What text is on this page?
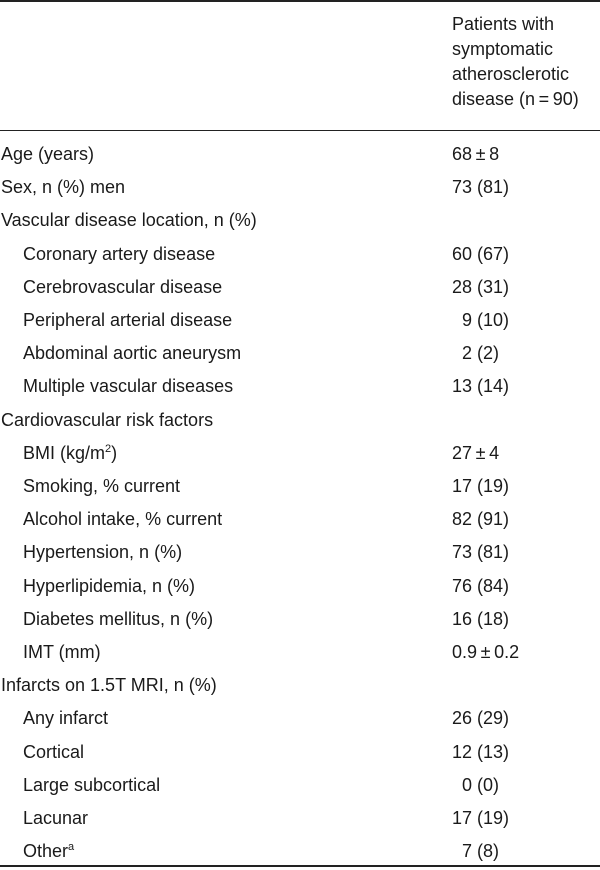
Patients with
symptomatic
atherosclerotic
disease (n = 90)
Age (years)	68 ± 8
Sex, n (%) men	73 (81)
Vascular disease location, n (%)
Coronary artery disease	60 (67)
Cerebrovascular disease	28 (31)
Peripheral arterial disease	 9 (10)
Abdominal aortic aneurysm	 2 (2)
Multiple vascular diseases	13 (14)
Cardiovascular risk factors
BMI $(kg/m^2)$	27 ± 4
Smoking, % current	17 (19)
Alcohol intake, % current	82 (91)
Hypertension, n (%)	73 (81)
Hyperlipidemia, n (%)	76 (84)
Diabetes mellitus, n (%)	16 (18)
IMT (mm)	0.9 ± 0.2
Infarcts on 1.5T MRI, n (%)
Any infarct	26 (29)
Cortical	12 (13)
Large subcortical	 0 (0)
Lacunar	17 (19)
Other$^a$	 7 (8)
